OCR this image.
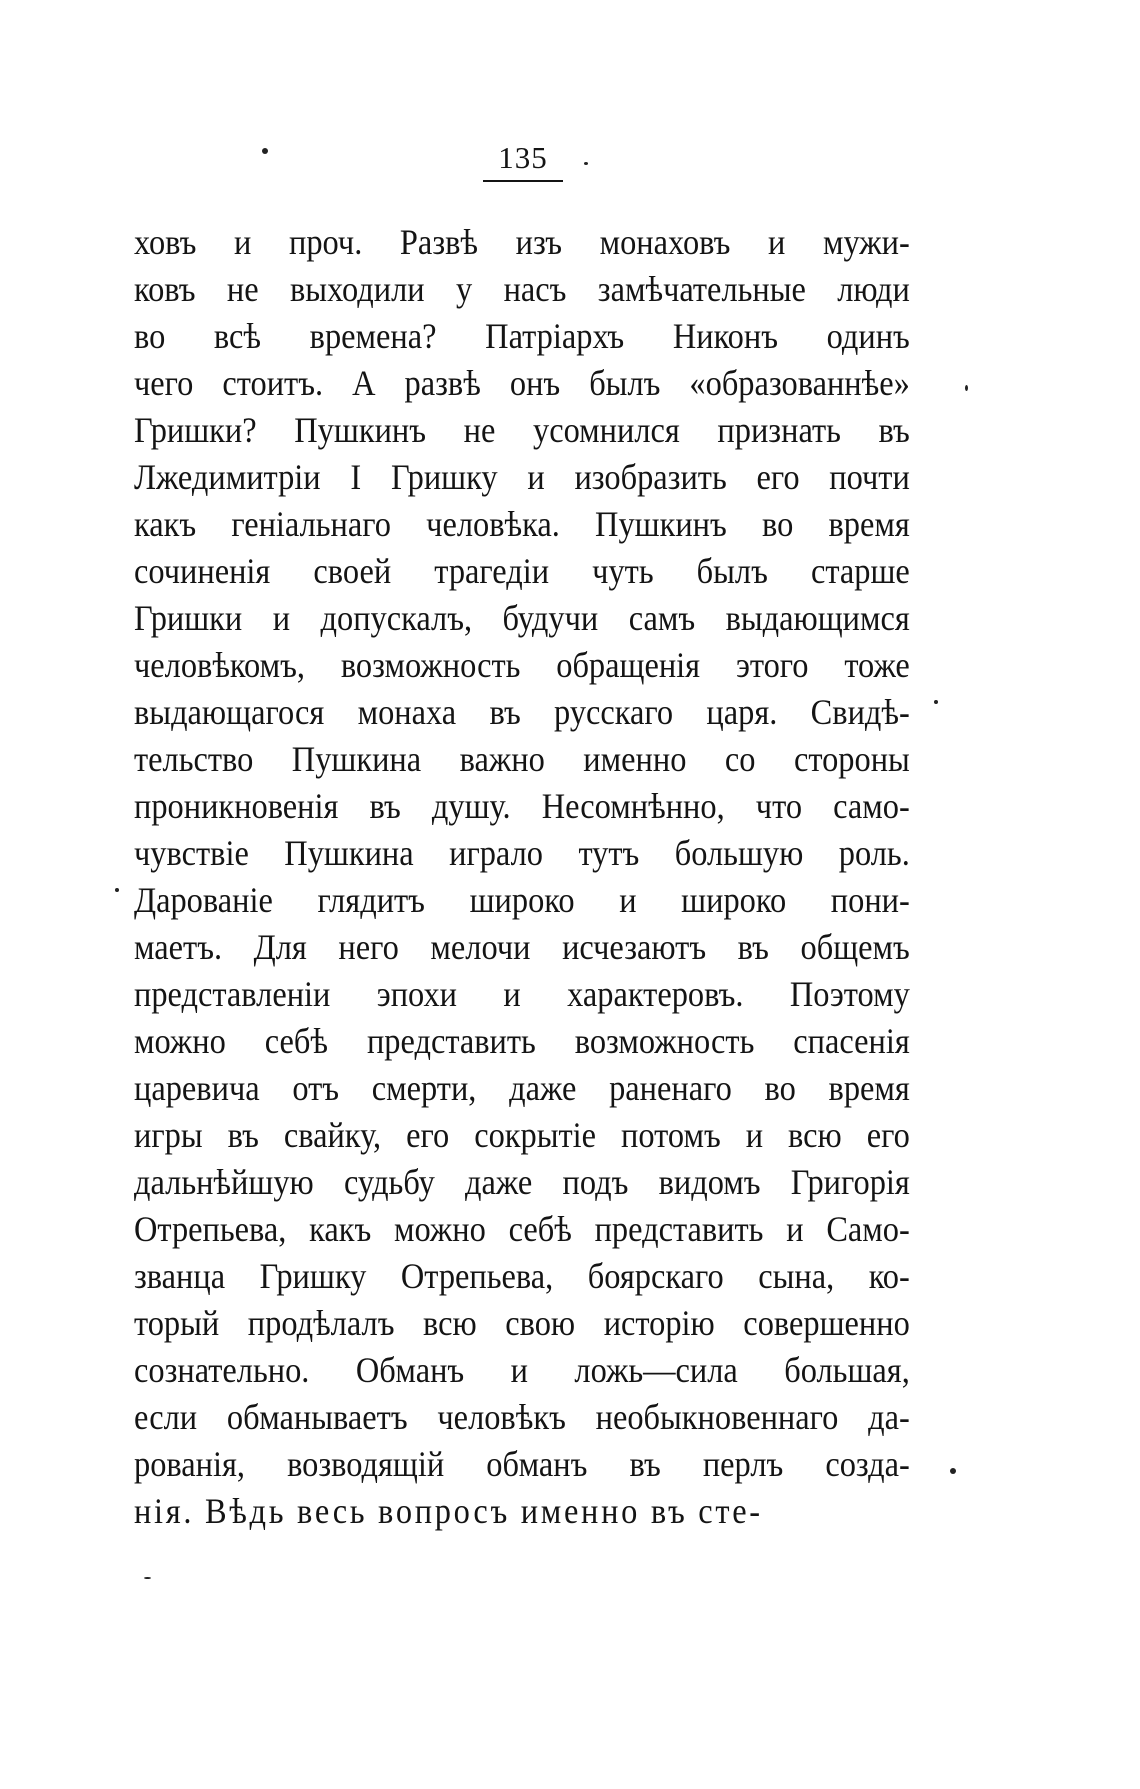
135
ховъ и проч. Развѣ изъ монаховъ и мужи-
ковъ не выходили у насъ замѣчательные люди
во всѣ времена? Патріархъ Никонъ одинъ
чего стоитъ. А развѣ онъ былъ «образованнѣе»
Гришки? Пушкинъ не усомнился признать въ
Лжедимитріи I Гришку и изобразить его почти
какъ геніальнаго человѣка. Пушкинъ во время
сочиненія своей трагедіи чуть былъ старше
Гришки и допускалъ, будучи самъ выдающимся
человѣкомъ, возможность обращенія этого тоже
выдающагося монаха въ русскаго царя. Свидѣ-
тельство Пушкина важно именно со стороны
проникновенія въ душу. Несомнѣнно, что само-
чувствіе Пушкина играло тутъ большую роль.
Дарованіе глядитъ широко и широко пони-
маетъ. Для него мелочи исчезаютъ въ общемъ
представленіи эпохи и характеровъ. Поэтому
можно себѣ представить возможность спасенія
царевича отъ смерти, даже раненаго во время
игры въ свайку, его сокрытіе потомъ и всю его
дальнѣйшую судьбу даже подъ видомъ Григорія
Отрепьева, какъ можно себѣ представить и Само-
званца Гришку Отрепьева, боярскаго сына, ко-
торый продѣлалъ всю свою исторію совершенно
сознательно. Обманъ и ложь—сила большая,
если обманываетъ человѣкъ необыкновеннаго да-
рованія, возводящій обманъ въ перлъ созда-
нія. Вѣдь весь вопросъ именно въ сте-
